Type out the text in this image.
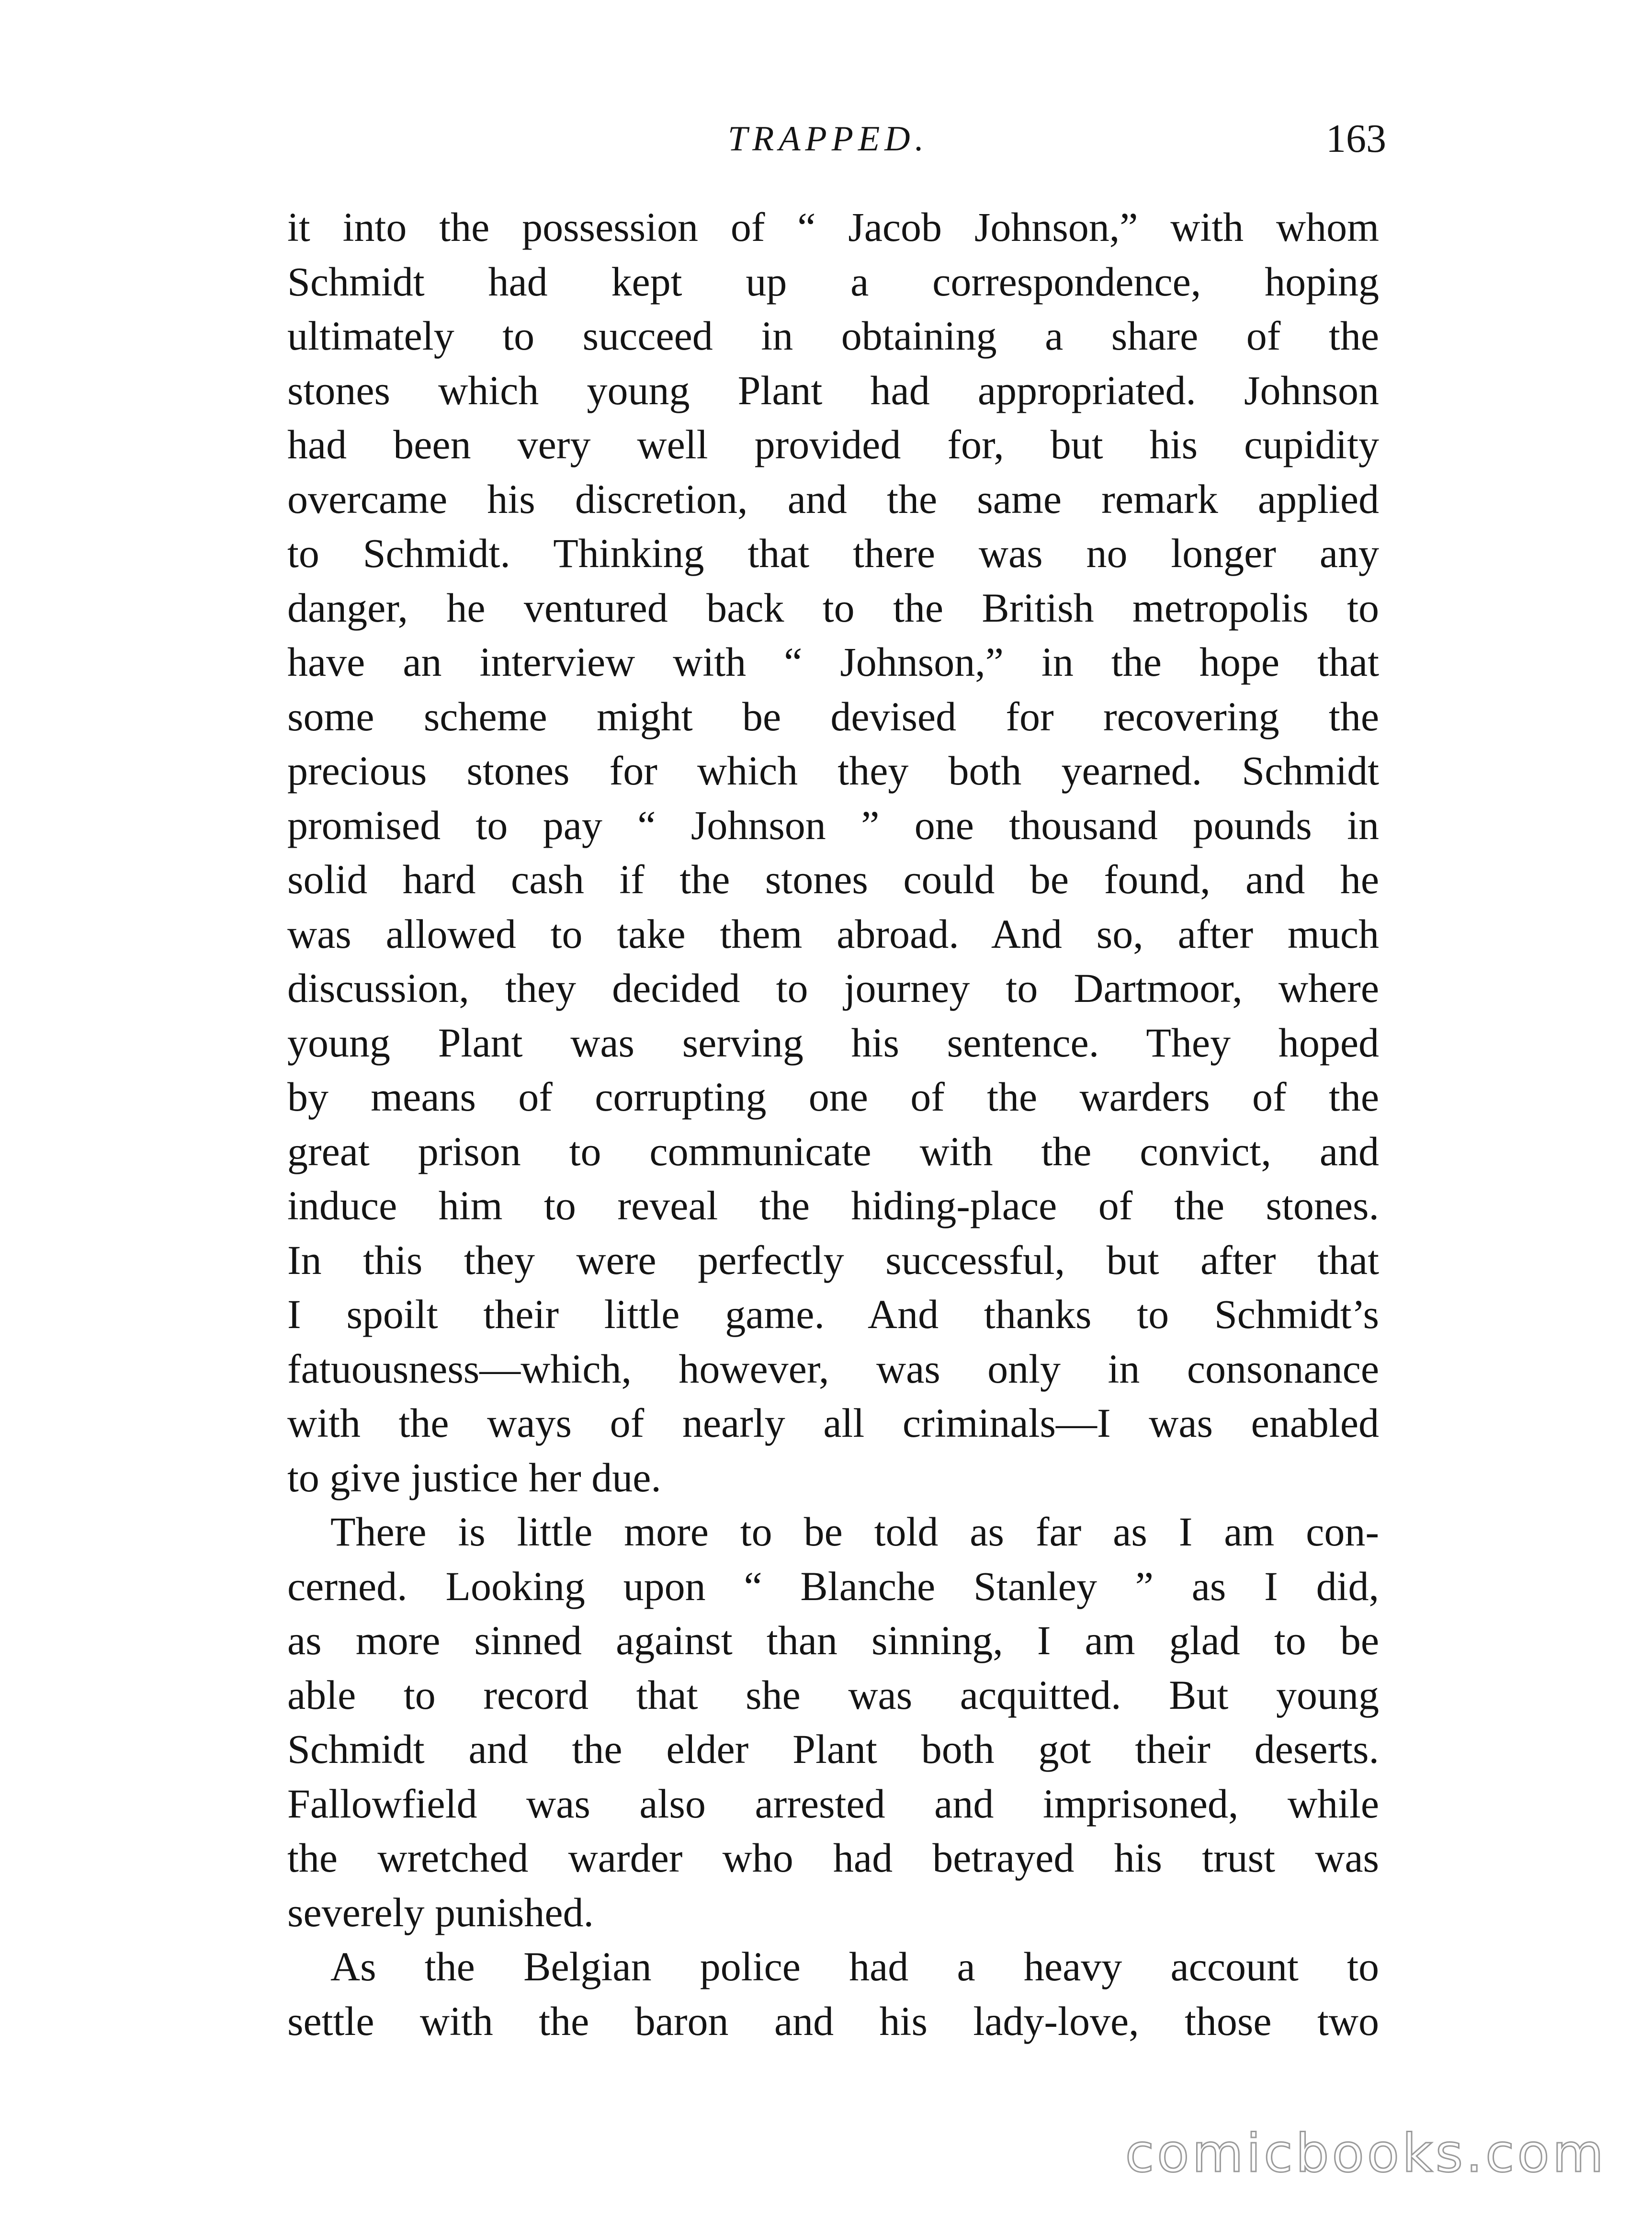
TRAPPED.	163
it into the possession of “ Jacob Johnson,” with whom
Schmidt had kept up a correspondence, hoping
ultimately to succeed in obtaining a share of the
stones which young Plant had appropriated. Johnson
had been very well provided for, but his cupidity
overcame his discretion, and the same remark applied
to Schmidt. Thinking that there was no longer any
danger, he ventured back to the British metropolis to
have an interview with “ Johnson,” in the hope that
some scheme might be devised for recovering the
precious stones for which they both yearned. Schmidt
promised to pay “ Johnson ” one thousand pounds in
solid hard cash if the stones could be found, and he
was allowed to take them abroad. And so, after much
discussion, they decided to journey to Dartmoor, where
young Plant was serving his sentence. They hoped
by means of corrupting one of the warders of the
great prison to communicate with the convict, and
induce him to reveal the hiding-place of the stones.
In this they were perfectly successful, but after that
I spoilt their little game. And thanks to Schmidt’s
fatuousness—which, however, was only in consonance
with the ways of nearly all criminals—I was enabled
to give justice her due.
There is little more to be told as far as I am con-
cerned. Looking upon “ Blanche Stanley ” as I did,
as more sinned against than sinning, I am glad to be
able to record that she was acquitted. But young
Schmidt and the elder Plant both got their deserts.
Fallowfield was also arrested and imprisoned, while
the wretched warder who had betrayed his trust was
severely punished.
As the Belgian police had a heavy account to
settle with the baron and his lady-love, those two
comicbooks.com
